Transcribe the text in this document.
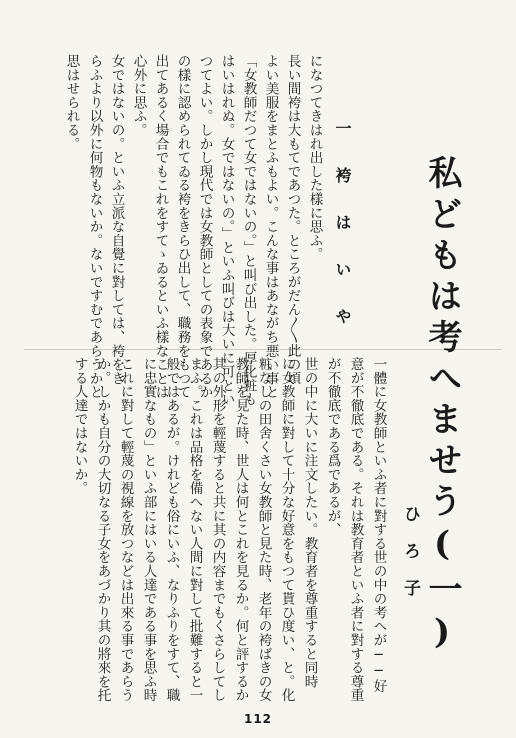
私どもは考へませう(一)
ひ ろ 子
一 袴 は い や
になつてきはれ出した樣に思ふ。
長い間袴は大もてであつた。ところがだん〳〵此の頃
よい美服をまとふもよい。こんな事はあながち悪い事と
「女教師だつて女ではないの。」と叫び出した。厚化粧も
はいはれぬ。女ではないの。」といふ叫びは大いに可とい
つてよい。しかし現代では女教師としての表象であるか
の樣に認められてゐる袴をきらひ出して、職務をもつて
出てあるく場合でもこれをすてゝゐるといふ樣なことは
心外に思ふ。
女ではないの。といふ立派な自覺に對しては、袴をき
らふより以外に何物もないか。ないですむであらうかと
思はせられる。
一體に女教師といふ者に對する世の中の考へが──好
意が不徹底である。それは教育者といふ者に對する尊重
が不徹底である爲であるが、
世の中に大いに注文したい。教育者を尊重すると同時
に女教師に對して十分な好意をもつて貰ひ度い、と。化
粧なしの田舍くさい女教師と見た時、老年の袴ばきの女
教師を見た時、世人は何とこれを見るか。何と評するか
其の外形を輕蔑すると共に其の内容までもくさらしてし
まふ。これは品格を備へない人間に對して批難すると一
般ではあるが。けれども俗にいふ、なりふりをすて、職
に忠實なもの」といふ部にはいる人達である事を思ふ時
これに對して輕蔑の視線を放つなどは出來る事であらう
か。しかも自分の大切なる子女をあづかり其の將來を托
する人達ではないか。
112
